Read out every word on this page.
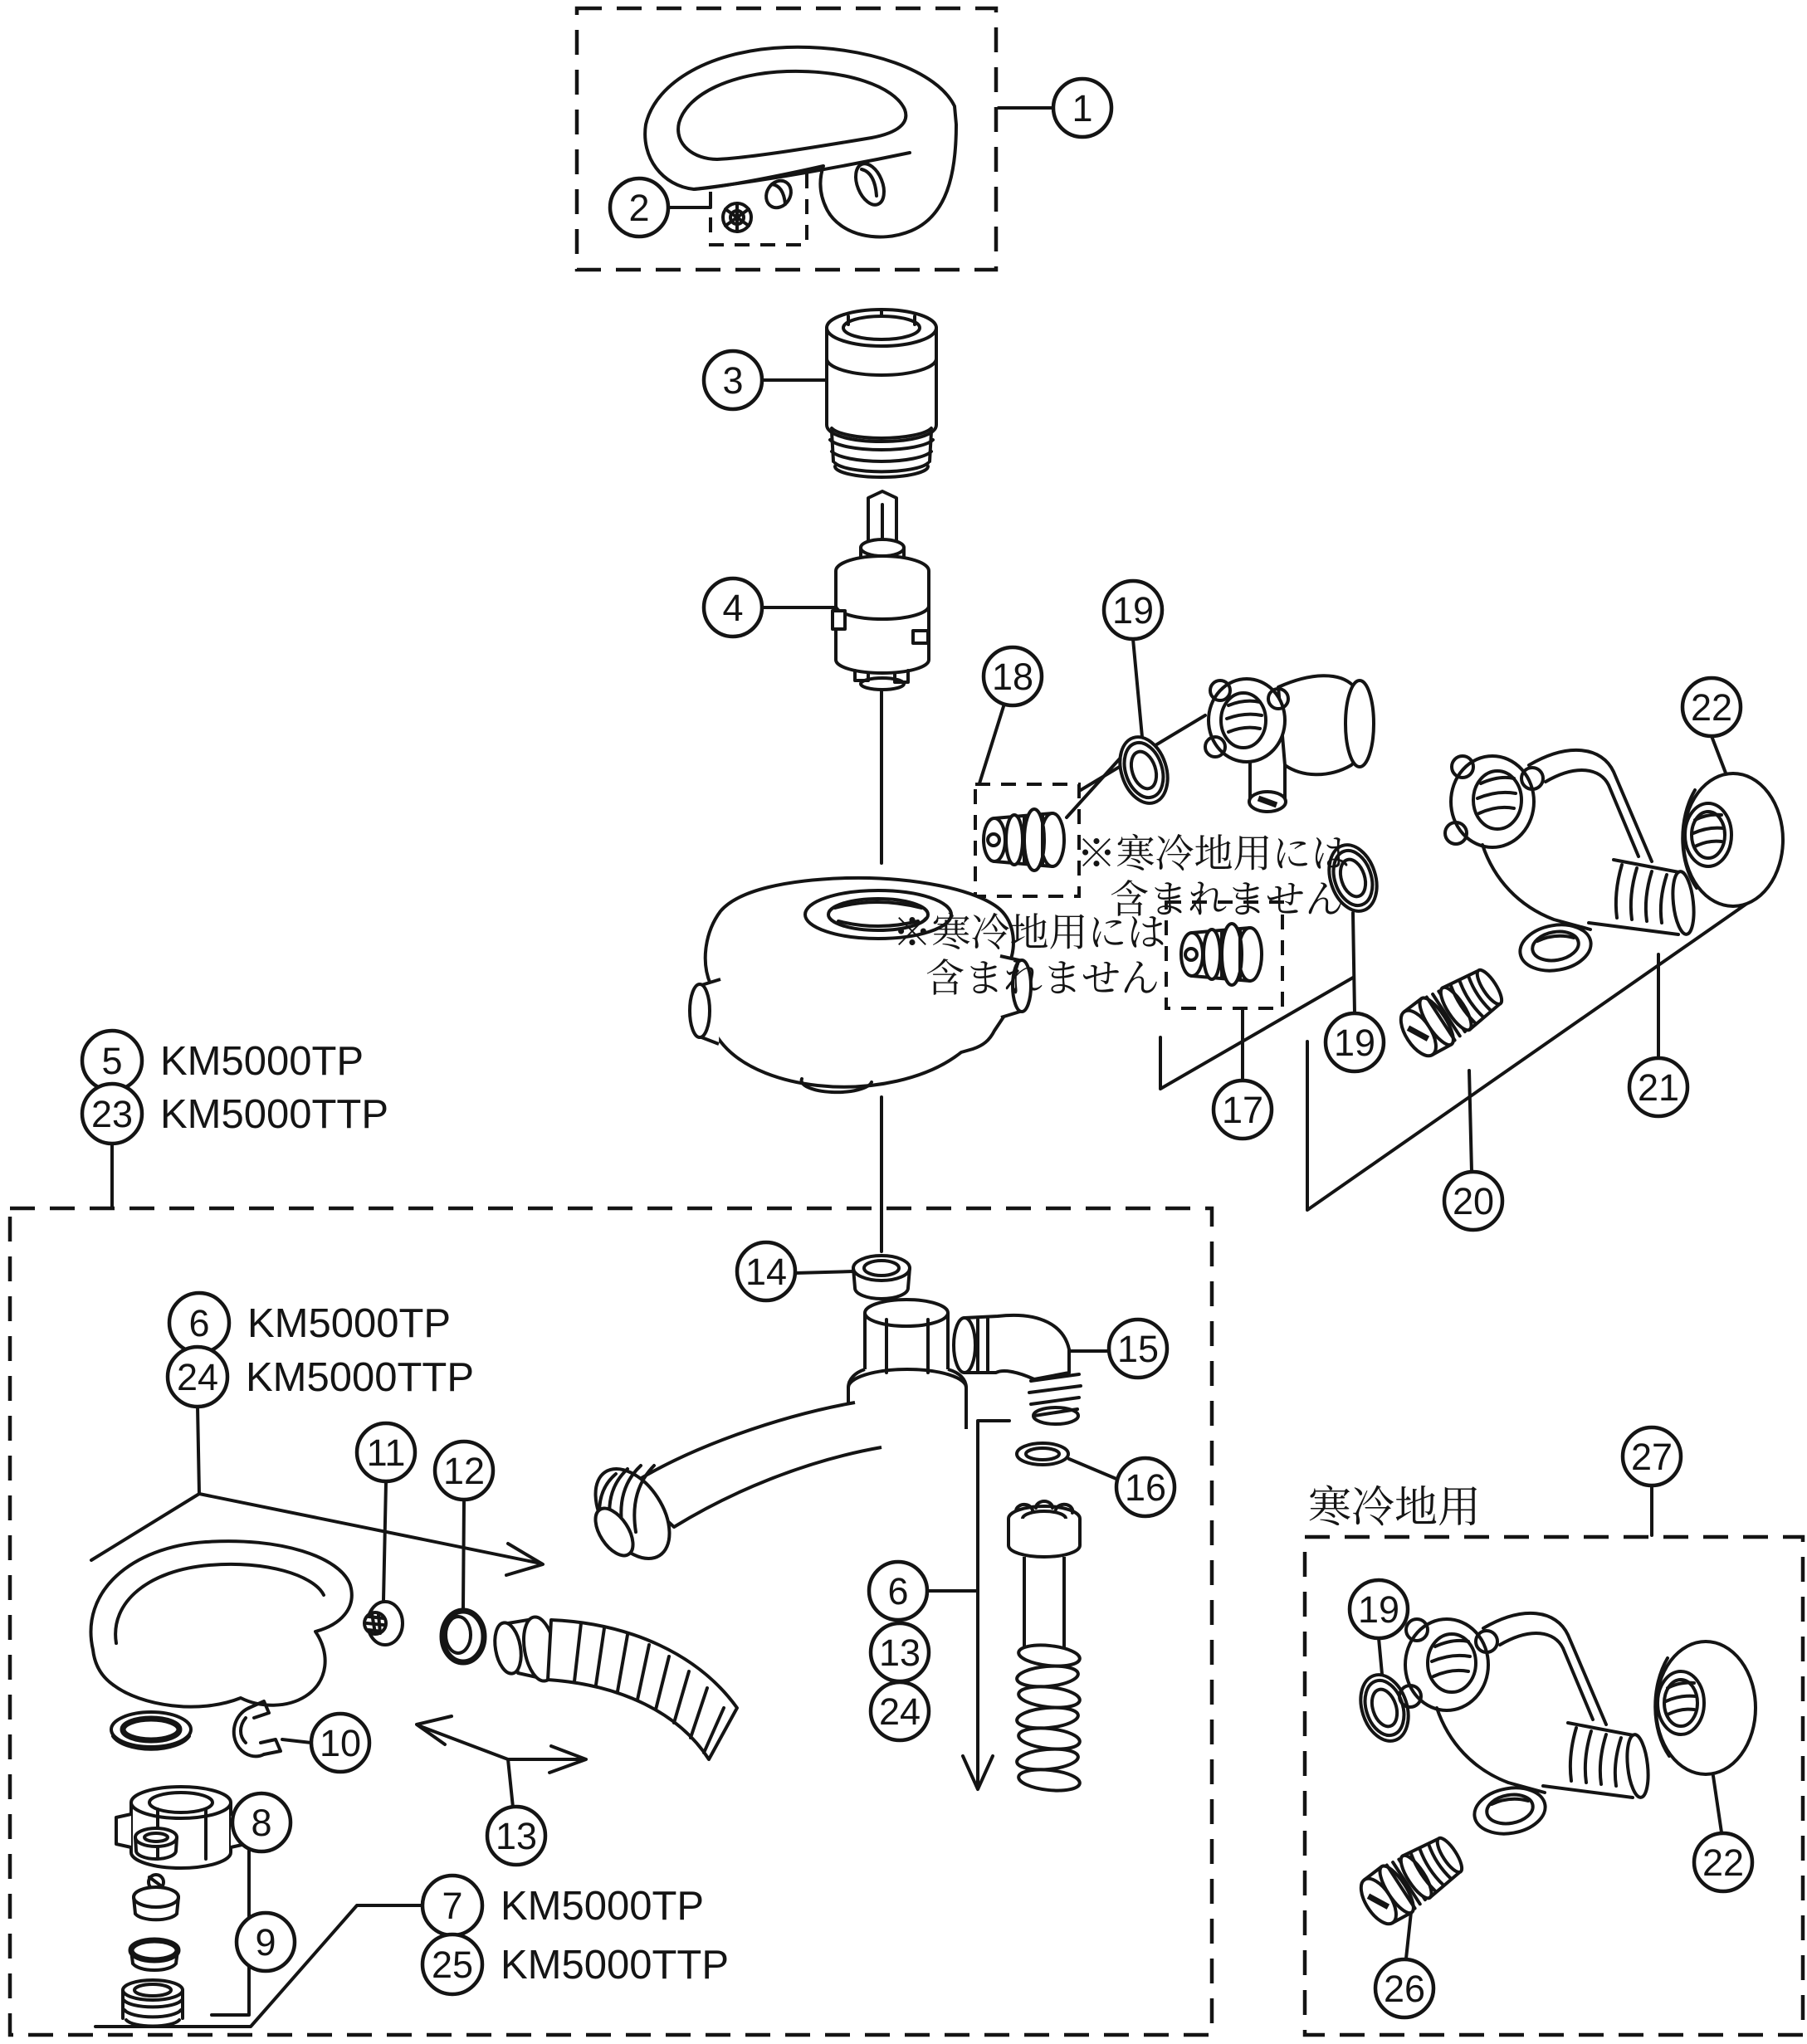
1
2
3
4
14
15
16
6
13
24
11 12
10
8	13
9
18
19
17
19
20
21
22
27
19
22
26
5 KM5000TP
23 KM5000TTP
6 KM5000TP
24 KM5000TTP
7 KM5000TP
25 KM5000TTP
※寒冷地用には
含まれません
※寒冷地用には
含まれません
寒冷地用
